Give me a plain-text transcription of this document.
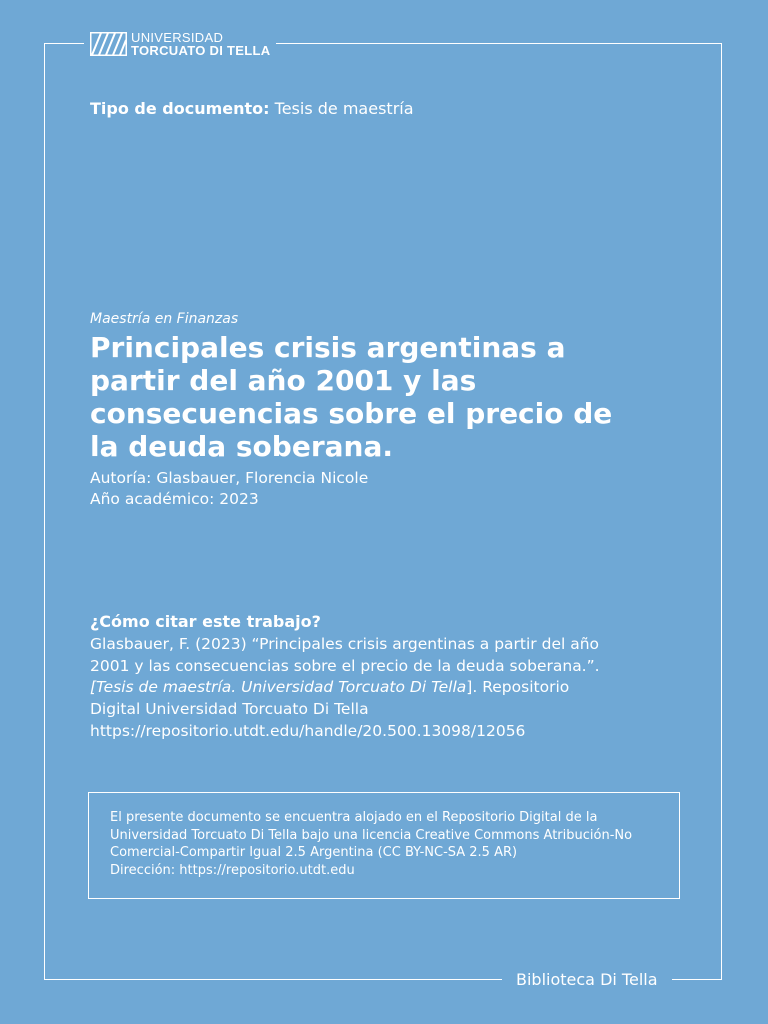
UNIVERSIDAD
TORCUATO DI TELLA
Tipo de documento: Tesis de maestría
Maestría en Finanzas
Principales crisis argentinas a partir del año 2001 y las consecuencias sobre el precio de la deuda soberana.
Autoría: Glasbauer, Florencia Nicole
Año académico: 2023
¿Cómo citar este trabajo?
Glasbauer, F. (2023) “Principales crisis argentinas a partir del año 2001 y las consecuencias sobre el precio de la deuda soberana.”. [Tesis de maestría. Universidad Torcuato Di Tella]. Repositorio Digital Universidad Torcuato Di Tella
https://repositorio.utdt.edu/handle/20.500.13098/12056
El presente documento se encuentra alojado en el Repositorio Digital de la Universidad Torcuato Di Tella bajo una licencia Creative Commons Atribución-No Comercial-Compartir Igual 2.5 Argentina (CC BY-NC-SA 2.5 AR)
Dirección: https://repositorio.utdt.edu
Biblioteca Di Tella
